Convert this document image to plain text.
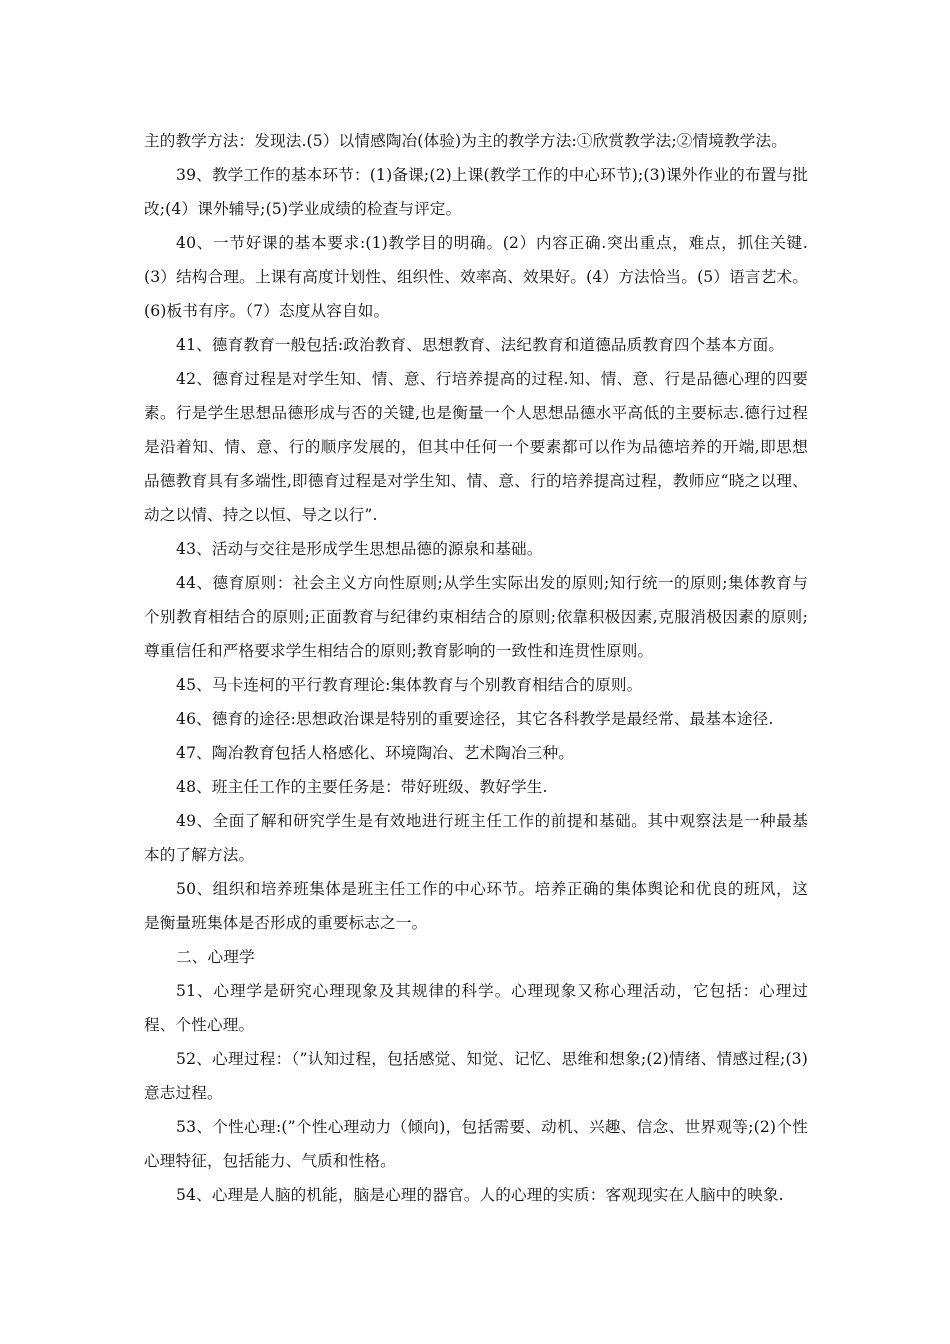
主的教学方法：发现法.(5）以情感陶冶(体验)为主的教学方法:①欣赏教学法;②情境教学法。

39、教学工作的基本环节：(1)备课;(2)上课(教学工作的中心环节);(3)课外作业的布置与批改;(4）课外辅导;(5)学业成绩的检查与评定。

40、一节好课的基本要求:(1)教学目的明确。(2）内容正确.突出重点，难点，抓住关键.(3）结构合理。上课有高度计划性、组织性、效率高、效果好。(4）方法恰当。(5）语言艺术。(6)板书有序。（7）态度从容自如。

41、德育教育一般包括:政治教育、思想教育、法纪教育和道德品质教育四个基本方面。

42、德育过程是对学生知、情、意、行培养提高的过程.知、情、意、行是品德心理的四要素。行是学生思想品德形成与否的关键,也是衡量一个人思想品德水平高低的主要标志.德行过程是沿着知、情、意、行的顺序发展的，但其中任何一个要素都可以作为品德培养的开端,即思想品德教育具有多端性,即德育过程是对学生知、情、意、行的培养提高过程，教师应“晓之以理、动之以情、持之以恒、导之以行”.

43、活动与交往是形成学生思想品德的源泉和基础。

44、德育原则：社会主义方向性原则;从学生实际出发的原则;知行统一的原则;集体教育与个别教育相结合的原则;正面教育与纪律约束相结合的原则;依靠积极因素,克服消极因素的原则;尊重信任和严格要求学生相结合的原则;教育影响的一致性和连贯性原则。

45、马卡连柯的平行教育理论:集体教育与个别教育相结合的原则。

46、德育的途径:思想政治课是特别的重要途径，其它各科教学是最经常、最基本途径.

47、陶冶教育包括人格感化、环境陶冶、艺术陶冶三种。

48、班主任工作的主要任务是：带好班级、教好学生.

49、全面了解和研究学生是有效地进行班主任工作的前提和基础。其中观察法是一种最基本的了解方法。

50、组织和培养班集体是班主任工作的中心环节。培养正确的集体舆论和优良的班风，这是衡量班集体是否形成的重要标志之一。

二、心理学

51、心理学是研究心理现象及其规律的科学。心理现象又称心理活动，它包括：心理过程、个性心理。

52、心理过程：（”认知过程，包括感觉、知觉、记忆、思维和想象;(2)情绪、情感过程;(3)意志过程。

53、个性心理:(”个性心理动力（倾向)，包括需要、动机、兴趣、信念、世界观等;(2)个性心理特征，包括能力、气质和性格。

54、心理是人脑的机能，脑是心理的器官。人的心理的实质：客观现实在人脑中的映象.
